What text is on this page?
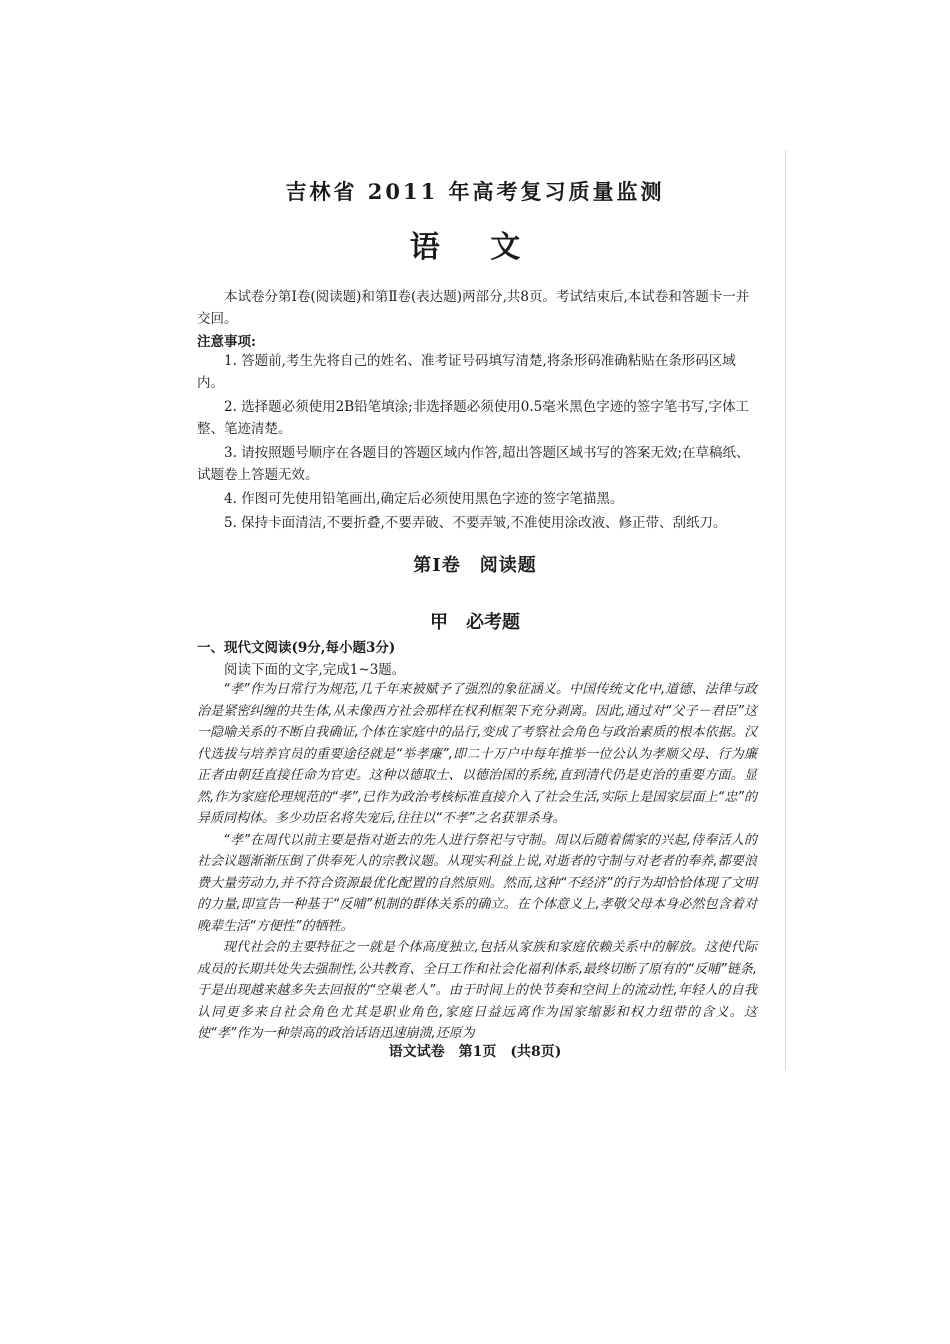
吉林省 2011 年高考复习质量监测
语 文
本试卷分第Ⅰ卷(阅读题)和第Ⅱ卷(表达题)两部分,共8页。考试结束后,本试卷和答题卡一并交回。
注意事项:

1. 答题前,考生先将自己的姓名、准考证号码填写清楚,将条形码准确粘贴在条形码区域内。

2. 选择题必须使用2B铅笔填涂;非选择题必须使用0.5毫米黑色字迹的签字笔书写,字体工整、笔迹清楚。

3. 请按照题号顺序在各题目的答题区域内作答,超出答题区域书写的答案无效;在草稿纸、试题卷上答题无效。

4. 作图可先使用铅笔画出,确定后必须使用黑色字迹的签字笔描黑。

5. 保持卡面清洁,不要折叠,不要弄破、不要弄皱,不准使用涂改液、修正带、刮纸刀。

第Ⅰ卷　阅读题
甲　必考题
一、现代文阅读(9分,每小题3分)
阅读下面的文字,完成1~3题。

“孝”作为日常行为规范,几千年来被赋予了强烈的象征涵义。中国传统文化中,道德、法律与政治是紧密纠缠的共生体,从未像西方社会那样在权利框架下充分剥离。因此,通过对“父子－君臣”这一隐喻关系的不断自我确证,个体在家庭中的品行,变成了考察社会角色与政治素质的根本依据。汉代选拔与培养官员的重要途径就是“举孝廉”,即二十万户中每年推举一位公认为孝顺父母、行为廉正者由朝廷直接任命为官吏。这种以德取士、以德治国的系统,直到清代仍是吏治的重要方面。显然,作为家庭伦理规范的“孝”,已作为政治考核标准直接介入了社会生活,实际上是国家层面上“忠”的异质同构体。多少功臣名将失宠后,往往以“不孝”之名获罪杀身。

“孝”在周代以前主要是指对逝去的先人进行祭祀与守制。周以后随着儒家的兴起,侍奉活人的社会议题渐渐压倒了供奉死人的宗教议题。从现实利益上说,对逝者的守制与对老者的奉养,都要浪费大量劳动力,并不符合资源最优化配置的自然原则。然而,这种“不经济”的行为却恰恰体现了文明的力量,即宣告一种基于“反哺”机制的群体关系的确立。在个体意义上,孝敬父母本身必然包含着对晚辈生活“方便性”的牺牲。

现代社会的主要特征之一就是个体高度独立,包括从家族和家庭依赖关系中的解放。这使代际成员的长期共处失去强制性,公共教育、全日工作和社会化福利体系,最终切断了原有的“反哺”链条,于是出现越来越多失去回报的“空巢老人”。由于时间上的快节奏和空间上的流动性,年轻人的自我认同更多来自社会角色尤其是职业角色,家庭日益远离作为国家缩影和权力纽带的含义。这使“孝”作为一种崇高的政治话语迅速崩溃,还原为

语文试卷　第1页　(共8页)
